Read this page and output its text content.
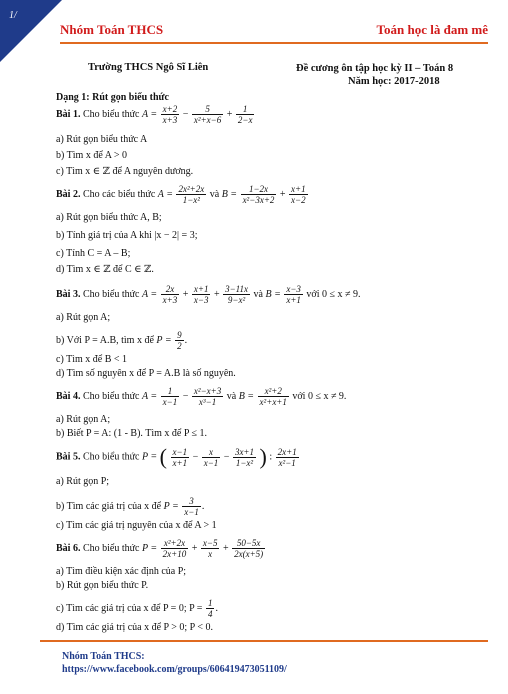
1/
Nhóm Toán THCS	Toán học là đam mê
Trường THCS Ngô Sĩ Liên	Đề cương ôn tập học kỳ II – Toán 8
Năm học: 2017-2018
Dạng 1: Rút gọn biểu thức
Bài 1. Cho biểu thức $A = \frac{x+2}{x+3} - \frac{5}{\text{x²+x−6}} + \frac{1}{2-x}$
a) Rút gọn biểu thức A
b) Tìm x để A > 0
c) Tìm x ∈ ℤ để A nguyên dương.
Bài 2. Cho các biểu thức $A = \frac{\text{2x²+2x}}{\text{1−x²}}$ và $B = \frac{1-2x}{\text{x²−3x+2}} + \frac{x+1}{x-2}$
a) Rút gọn biểu thức A, B;
b) Tính giá trị của A khi |x − 2| = 3;
c) Tính C = A – B;
d) Tìm x ∈ ℤ để C ∈ ℤ.
Bài 3. Cho biểu thức $A = \frac{2x}{x+3} + \frac{x+1}{x-3} + \frac{3-11x}{\text{9−x²}}$ và $B = \frac{x-3}{x+1}$ với 0 ≤ x ≠ 9.
a) Rút gọn A;
b) Với P = A.B, tìm x để $P = \frac{9}{2}$ .
c) Tìm x để B < 1
d) Tìm số nguyên x để P = A.B là số nguyên.
Bài 4. Cho biểu thức $A = \frac{1}{x-1} - \frac{\text{x²−x+3}}{\text{x³−1}}$ và $B = \frac{\text{x²+2}}{\text{x²+x+1}}$ với 0 ≤ x ≠ 9.
a) Rút gọn A;
b) Biết P = A: (1 - B). Tìm x để P ≤ 1.
Bài 5. Cho biểu thức P = ( $\frac{x-1}{x+1} - \frac{x}{x-1} - \frac{3x+1}{\text{1−x²}}$ ) : $\frac{2x+1}{\text{x²−1}}$
a) Rút gọn P;
b) Tìm các giá trị của x để $P = \frac{3}{x-1}$ .
c) Tìm các giá trị nguyên của x để A > 1
Bài 6. Cho biểu thức $P = \frac{\text{x²+2x}}{2x+10} + \frac{x-5}{x} + \frac{50-5x}{2x(x+5)}$
a) Tìm điều kiện xác định của P;
b) Rút gọn biểu thức P.
c) Tìm các giá trị của x để P = 0; $P = \frac{1}{4}$ .
d) Tìm các giá trị của x để P > 0; P < 0.
Nhóm Toán THCS:
https://www.facebook.com/groups/606419473051109/
